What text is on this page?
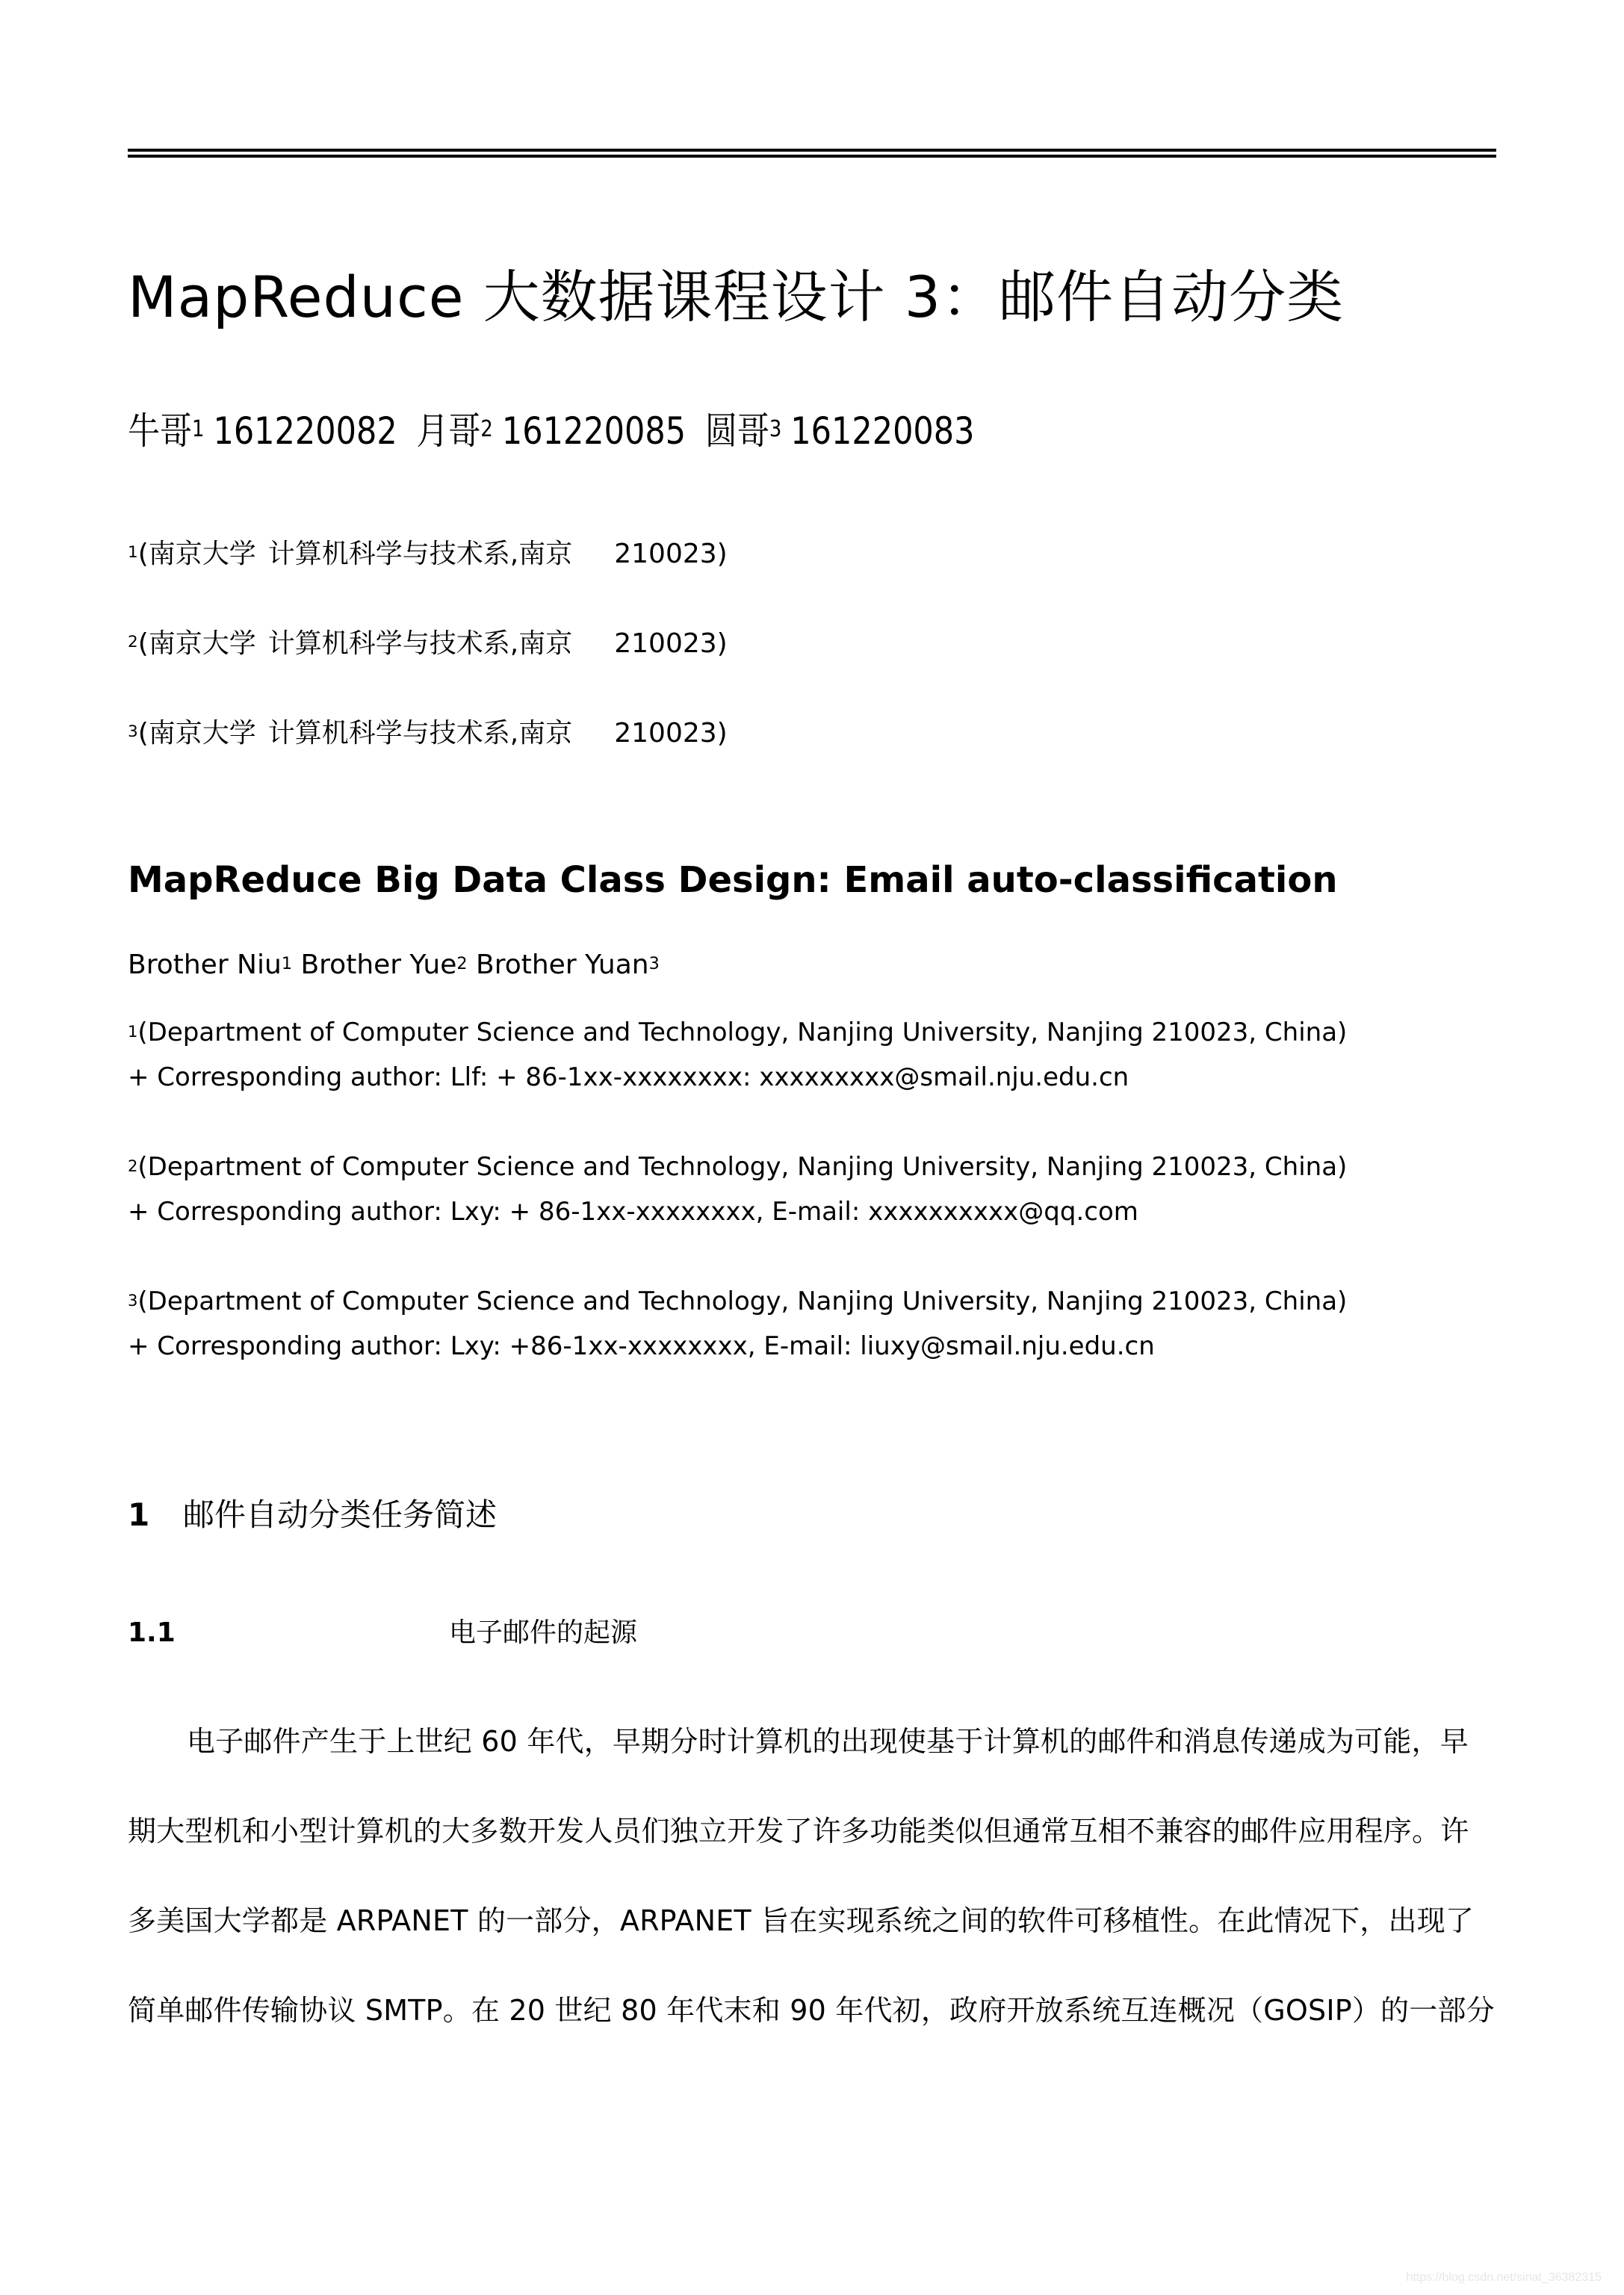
MapReduce 大数据课程设计 3：邮件自动分类
牛哥$^1$ 161220082 月哥$^2$ 161220085 圆哥$^3$ 161220083
$^1$(南京大学 计算机科学与技术系,南京 210023)
$^2$(南京大学 计算机科学与技术系,南京 210023)
$^3$(南京大学 计算机科学与技术系,南京 210023)
MapReduce Big Data Class Design: Email auto-classification
Brother Niu$^1$ Brother Yue$^2$ Brother Yuan$^3$
$^1$(Department of Computer Science and Technology, Nanjing University, Nanjing 210023, China)
+ Corresponding author: Llf: + 86-1xx-xxxxxxxx: xxxxxxxxx@smail.nju.edu.cn
$^2$(Department of Computer Science and Technology, Nanjing University, Nanjing 210023, China)
+ Corresponding author: Lxy: + 86-1xx-xxxxxxxx, E-mail: xxxxxxxxxx@qq.com
$^3$(Department of Computer Science and Technology, Nanjing University, Nanjing 210023, China)
+ Corresponding author: Lxy: +86-1xx-xxxxxxxx, E-mail: liuxy@smail.nju.edu.cn
1 邮件自动分类任务简述
1.1	电子邮件的起源
电子邮件产生于上世纪 60 年代，早期分时计算机的出现使基于计算机的邮件和消息传递成为可能，早
期大型机和小型计算机的大多数开发人员们独立开发了许多功能类似但通常互相不兼容的邮件应用程序。许
多美国大学都是 ARPANET 的一部分，ARPANET 旨在实现系统之间的软件可移植性。在此情况下，出现了
简单邮件传输协议 SMTP。在 20 世纪 80 年代末和 90 年代初，政府开放系统互连概况（GOSIP）的一部分
https://blog.csdn.net/sinat_36382315
